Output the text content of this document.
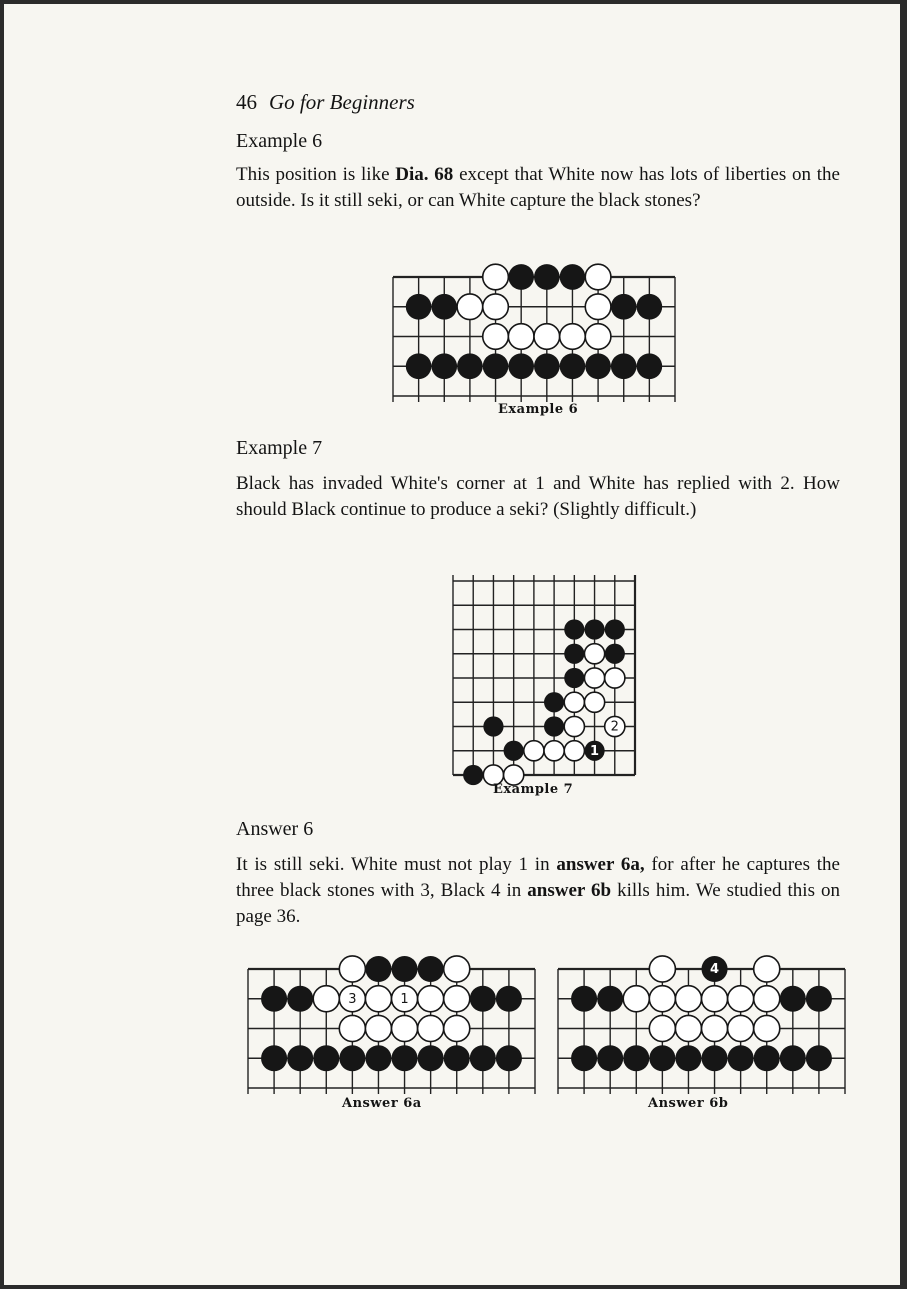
46 Go for Beginners
Example 6
This position is like Dia. 68 except that White now has lots of liberties on the outside. Is it still seki, or can White capture the black stones?
Example 6
Example 7
Black has invaded White's corner at 1 and White has replied with 2. How should Black continue to produce a seki? (Slightly difficult.)
2
1
Example 7
Answer 6
It is still seki. White must not play 1 in answer 6a, for after he captures the three black stones with 3, Black 4 in answer 6b kills him. We studied this on page 36.
3	1
Answer 6a
4
Answer 6b
